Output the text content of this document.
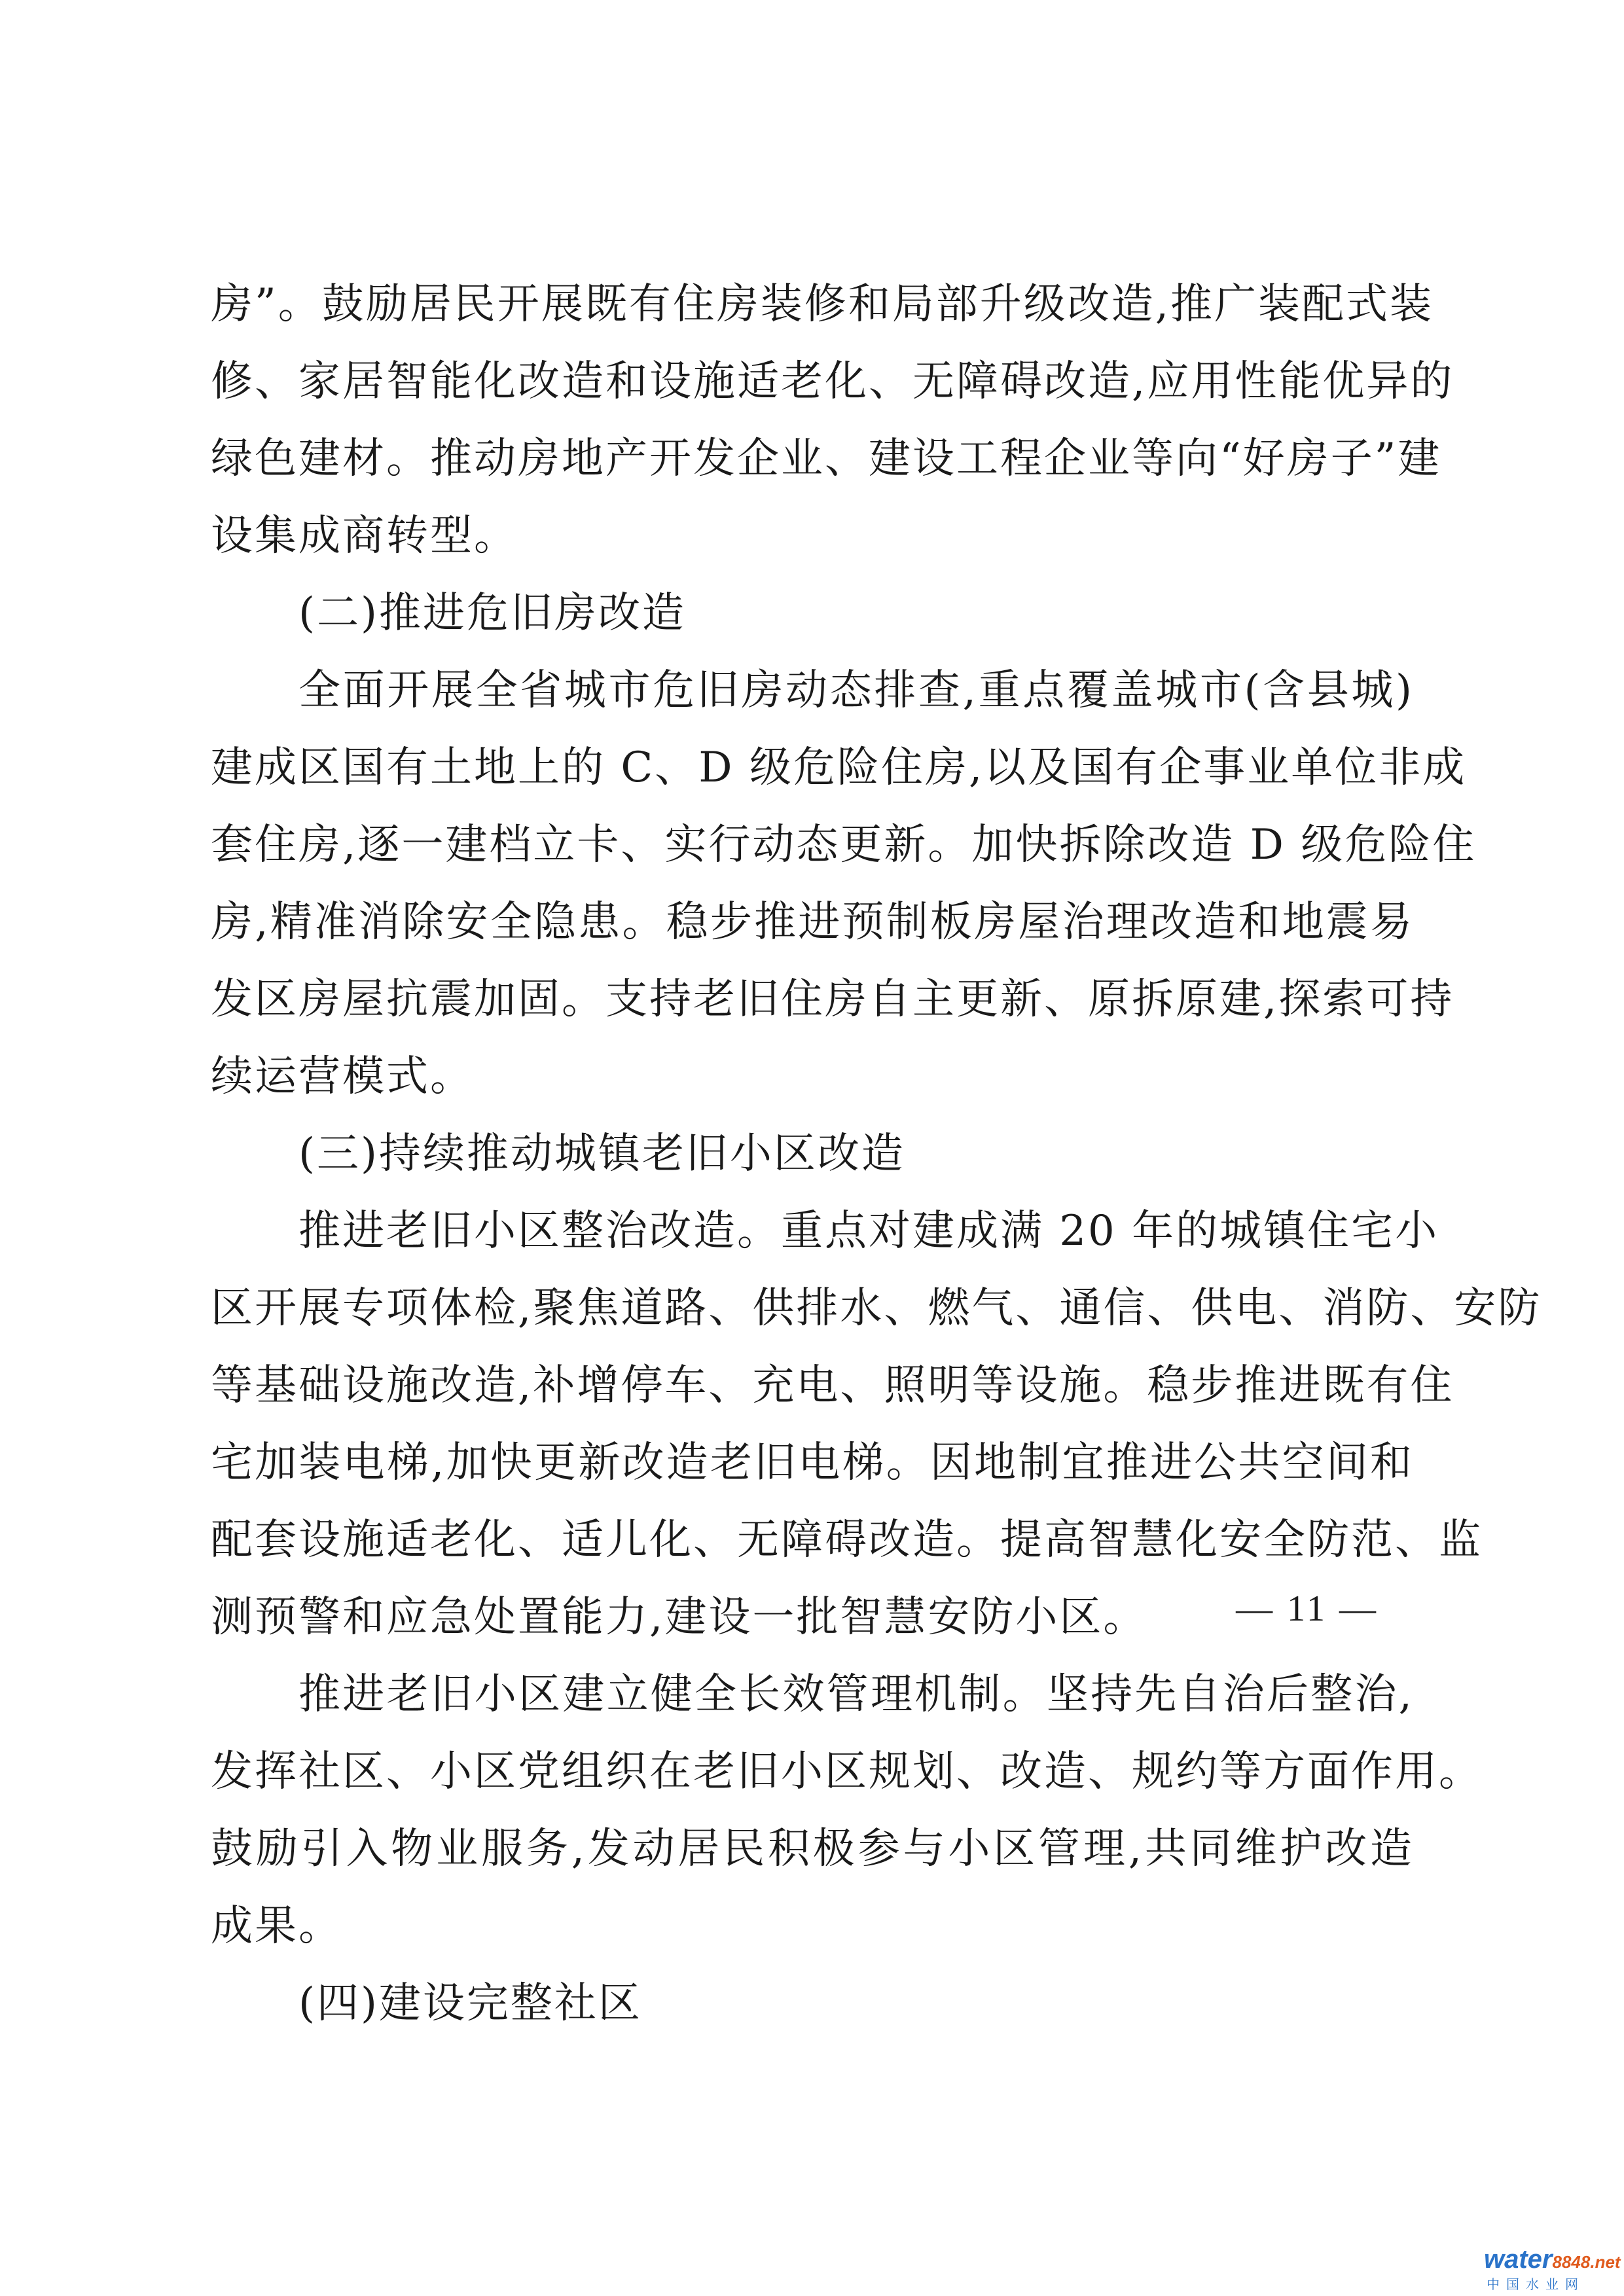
房”。鼓励居民开展既有住房装修和局部升级改造,推广装配式装
修、家居智能化改造和设施适老化、无障碍改造,应用性能优异的
绿色建材。推动房地产开发企业、建设工程企业等向“好房子”建
设集成商转型。
(二)推进危旧房改造
全面开展全省城市危旧房动态排查,重点覆盖城市(含县城)
建成区国有土地上的 C、D 级危险住房,以及国有企事业单位非成
套住房,逐一建档立卡、实行动态更新。加快拆除改造 D 级危险住
房,精准消除安全隐患。稳步推进预制板房屋治理改造和地震易
发区房屋抗震加固。支持老旧住房自主更新、原拆原建,探索可持
续运营模式。
(三)持续推动城镇老旧小区改造
推进老旧小区整治改造。重点对建成满 20 年的城镇住宅小
区开展专项体检,聚焦道路、供排水、燃气、通信、供电、消防、安防
等基础设施改造,补增停车、充电、照明等设施。稳步推进既有住
宅加装电梯,加快更新改造老旧电梯。因地制宜推进公共空间和
配套设施适老化、适儿化、无障碍改造。提高智慧化安全防范、监
测预警和应急处置能力,建设一批智慧安防小区。
推进老旧小区建立健全长效管理机制。坚持先自治后整治,
发挥社区、小区党组织在老旧小区规划、改造、规约等方面作用。
鼓励引入物业服务,发动居民积极参与小区管理,共同维护改造
成果。
(四)建设完整社区
— 11 —
water8848.net
中国水业网
